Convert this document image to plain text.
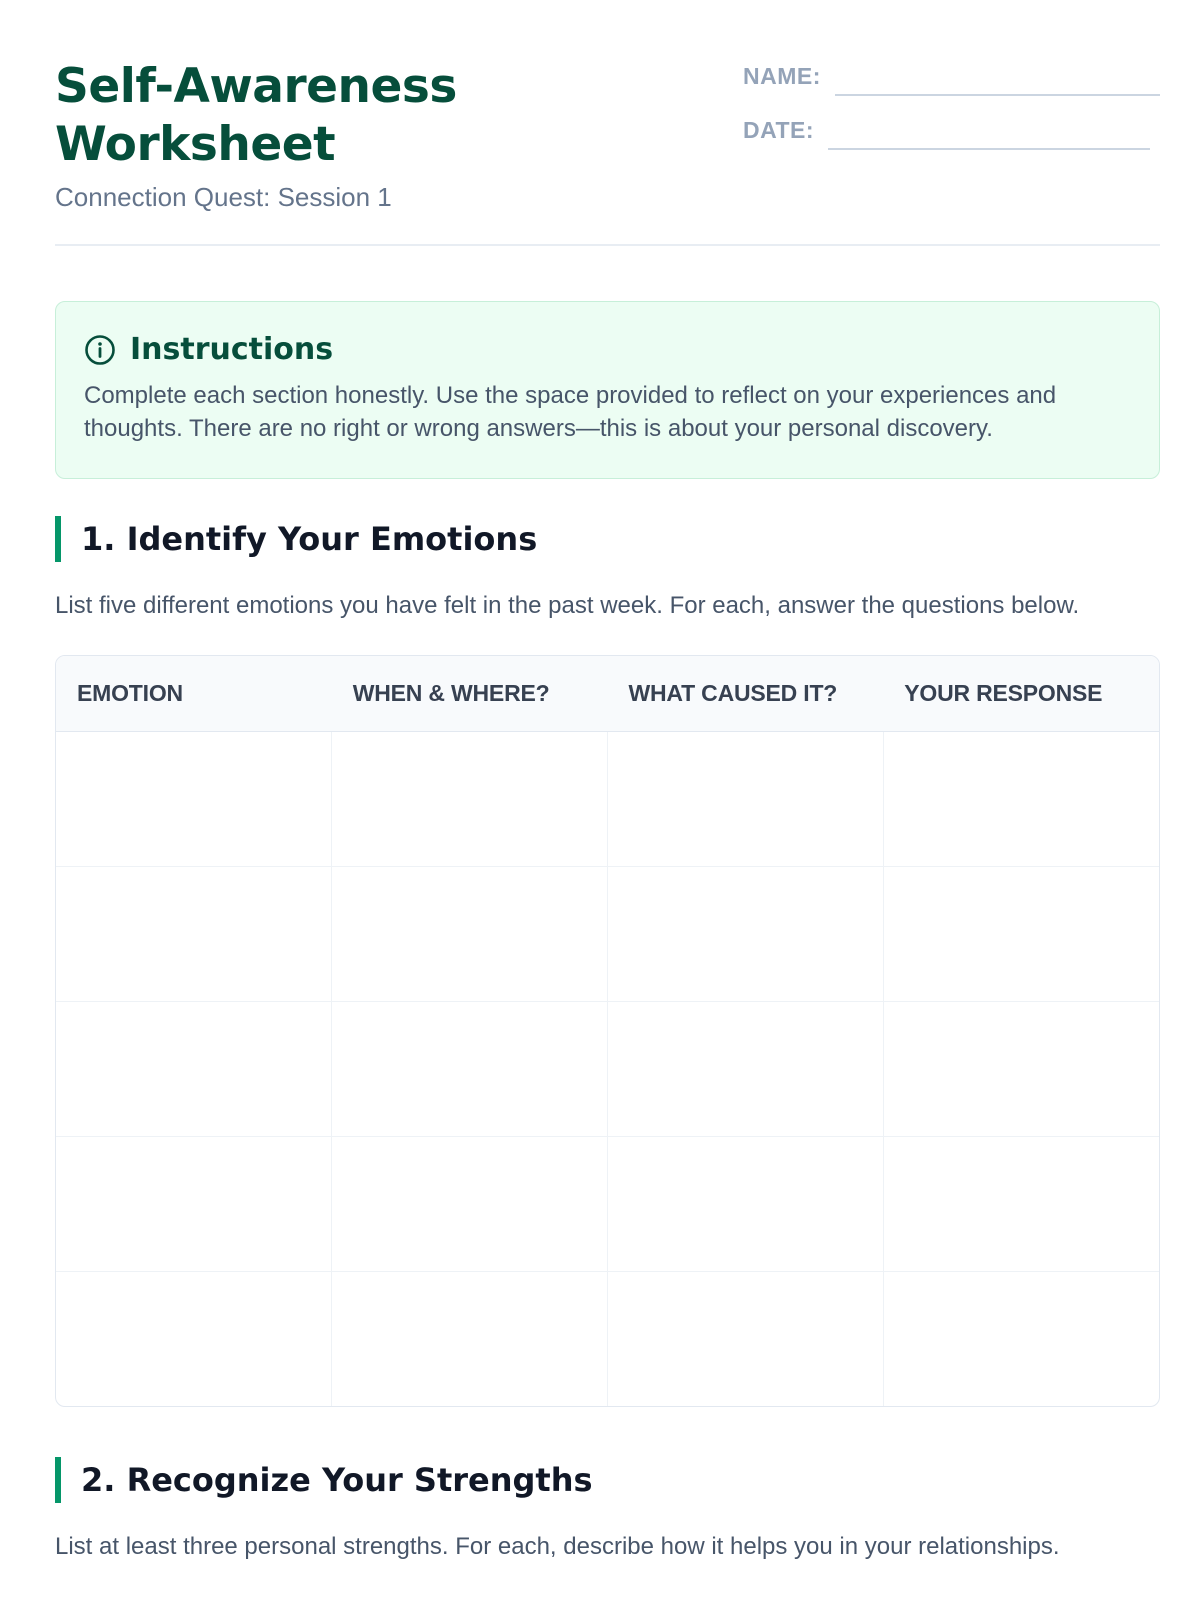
Self-Awareness Worksheet
Connection Quest: Session 1
NAME:
DATE:
Instructions

Complete each section honestly. Use the space provided to reflect on your experiences and thoughts. There are no right or wrong answers—this is about your personal discovery.

1. Identify Your Emotions

List five different emotions you have felt in the past week. For each, answer the questions below.

EMOTION	WHEN & WHERE?	WHAT CAUSED IT?	YOUR RESPONSE
2. Recognize Your Strengths

List at least three personal strengths. For each, describe how it helps you in your relationships.
